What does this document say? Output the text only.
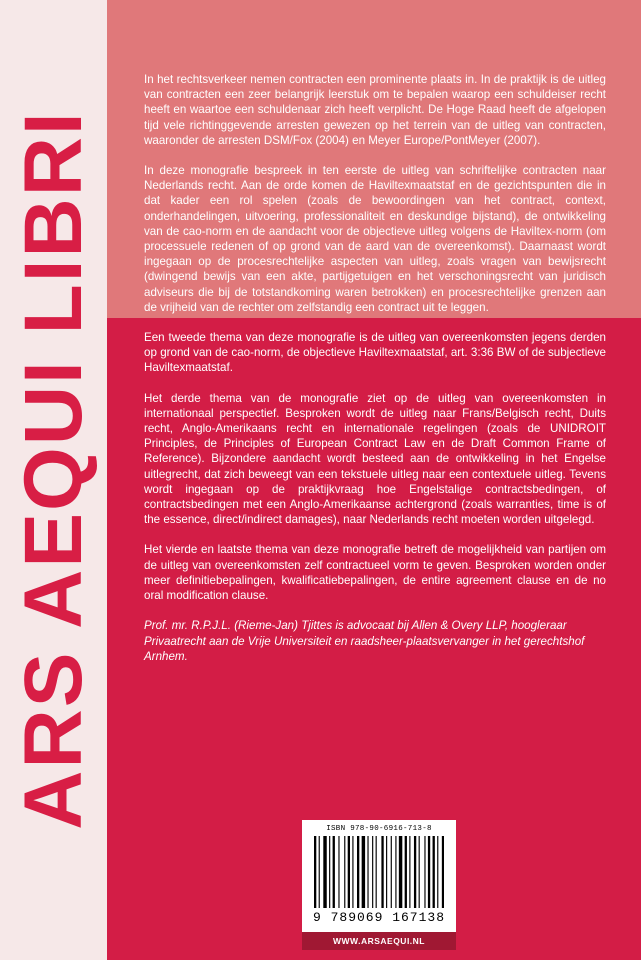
ARS AEQUI LIBRI

In het rechtsverkeer nemen contracten een prominente plaats in. In de praktijk is de uitleg van contracten een zeer belangrijk leerstuk om te bepalen waarop een schuldeiser recht heeft en waartoe een schuldenaar zich heeft verplicht. De Hoge Raad heeft de afgelopen tijd vele richtinggevende arresten gewezen op het terrein van de uitleg van contracten, waaronder de arresten DSM/Fox (2004) en Meyer Europe/PontMeyer (2007).

In deze monografie bespreek in ten eerste de uitleg van schriftelijke contracten naar Nederlands recht. Aan de orde komen de Haviltexmaatstaf en de gezichtspunten die in dat kader een rol spelen (zoals de bewoordingen van het contract, context, onderhandelingen, uitvoering, professionaliteit en deskundige bijstand), de ontwikkeling van de cao-norm en de aandacht voor de objectieve uitleg volgens de Haviltex-norm (om processuele redenen of op grond van de aard van de overeenkomst). Daarnaast wordt ingegaan op de procesrechtelijke aspecten van uitleg, zoals vragen van bewijsrecht (dwingend bewijs van een akte, partijgetuigen en het verschoningsrecht van juridisch adviseurs die bij de totstandkoming waren betrokken) en procesrechtelijke grenzen aan de vrijheid van de rechter om zelfstandig een contract uit te leggen.

Een tweede thema van deze monografie is de uitleg van overeenkomsten jegens derden op grond van de cao-norm, de objectieve Haviltexmaatstaf, art. 3:36 BW of de subjectieve Haviltexmaatstaf.

Het derde thema van de monografie ziet op de uitleg van overeenkomsten in internationaal perspectief. Besproken wordt de uitleg naar Frans/Belgisch recht, Duits recht, Anglo-Amerikaans recht en internationale regelingen (zoals de UNIDROIT Principles, de Principles of European Contract Law en de Draft Common Frame of Reference). Bijzondere aandacht wordt besteed aan de ontwikkeling in het Engelse uitlegrecht, dat zich beweegt van een tekstuele uitleg naar een contextuele uitleg. Tevens wordt ingegaan op de praktijkvraag hoe Engelstalige contractsbedingen, of contractsbedingen met een Anglo-Amerikaanse achtergrond (zoals warranties, time is of the essence, direct/indirect damages), naar Nederlands recht moeten worden uitgelegd.

Het vierde en laatste thema van deze monografie betreft de mogelijkheid van partijen om de uitleg van overeenkomsten zelf contractueel vorm te geven. Besproken worden onder meer definitiebepalingen, kwalificatiebepalingen, de entire agreement clause en de no oral modification clause.

Prof. mr. R.P.J.L. (Rieme-Jan) Tjittes is advocaat bij Allen & Overy LLP, hoogleraar Privaatrecht aan de Vrije Universiteit en raadsheer-plaatsvervanger in het gerechtshof Arnhem.

ISBN 978-90-6916-713-8
9 789069 167138
WWW.ARSAEQUI.NL
